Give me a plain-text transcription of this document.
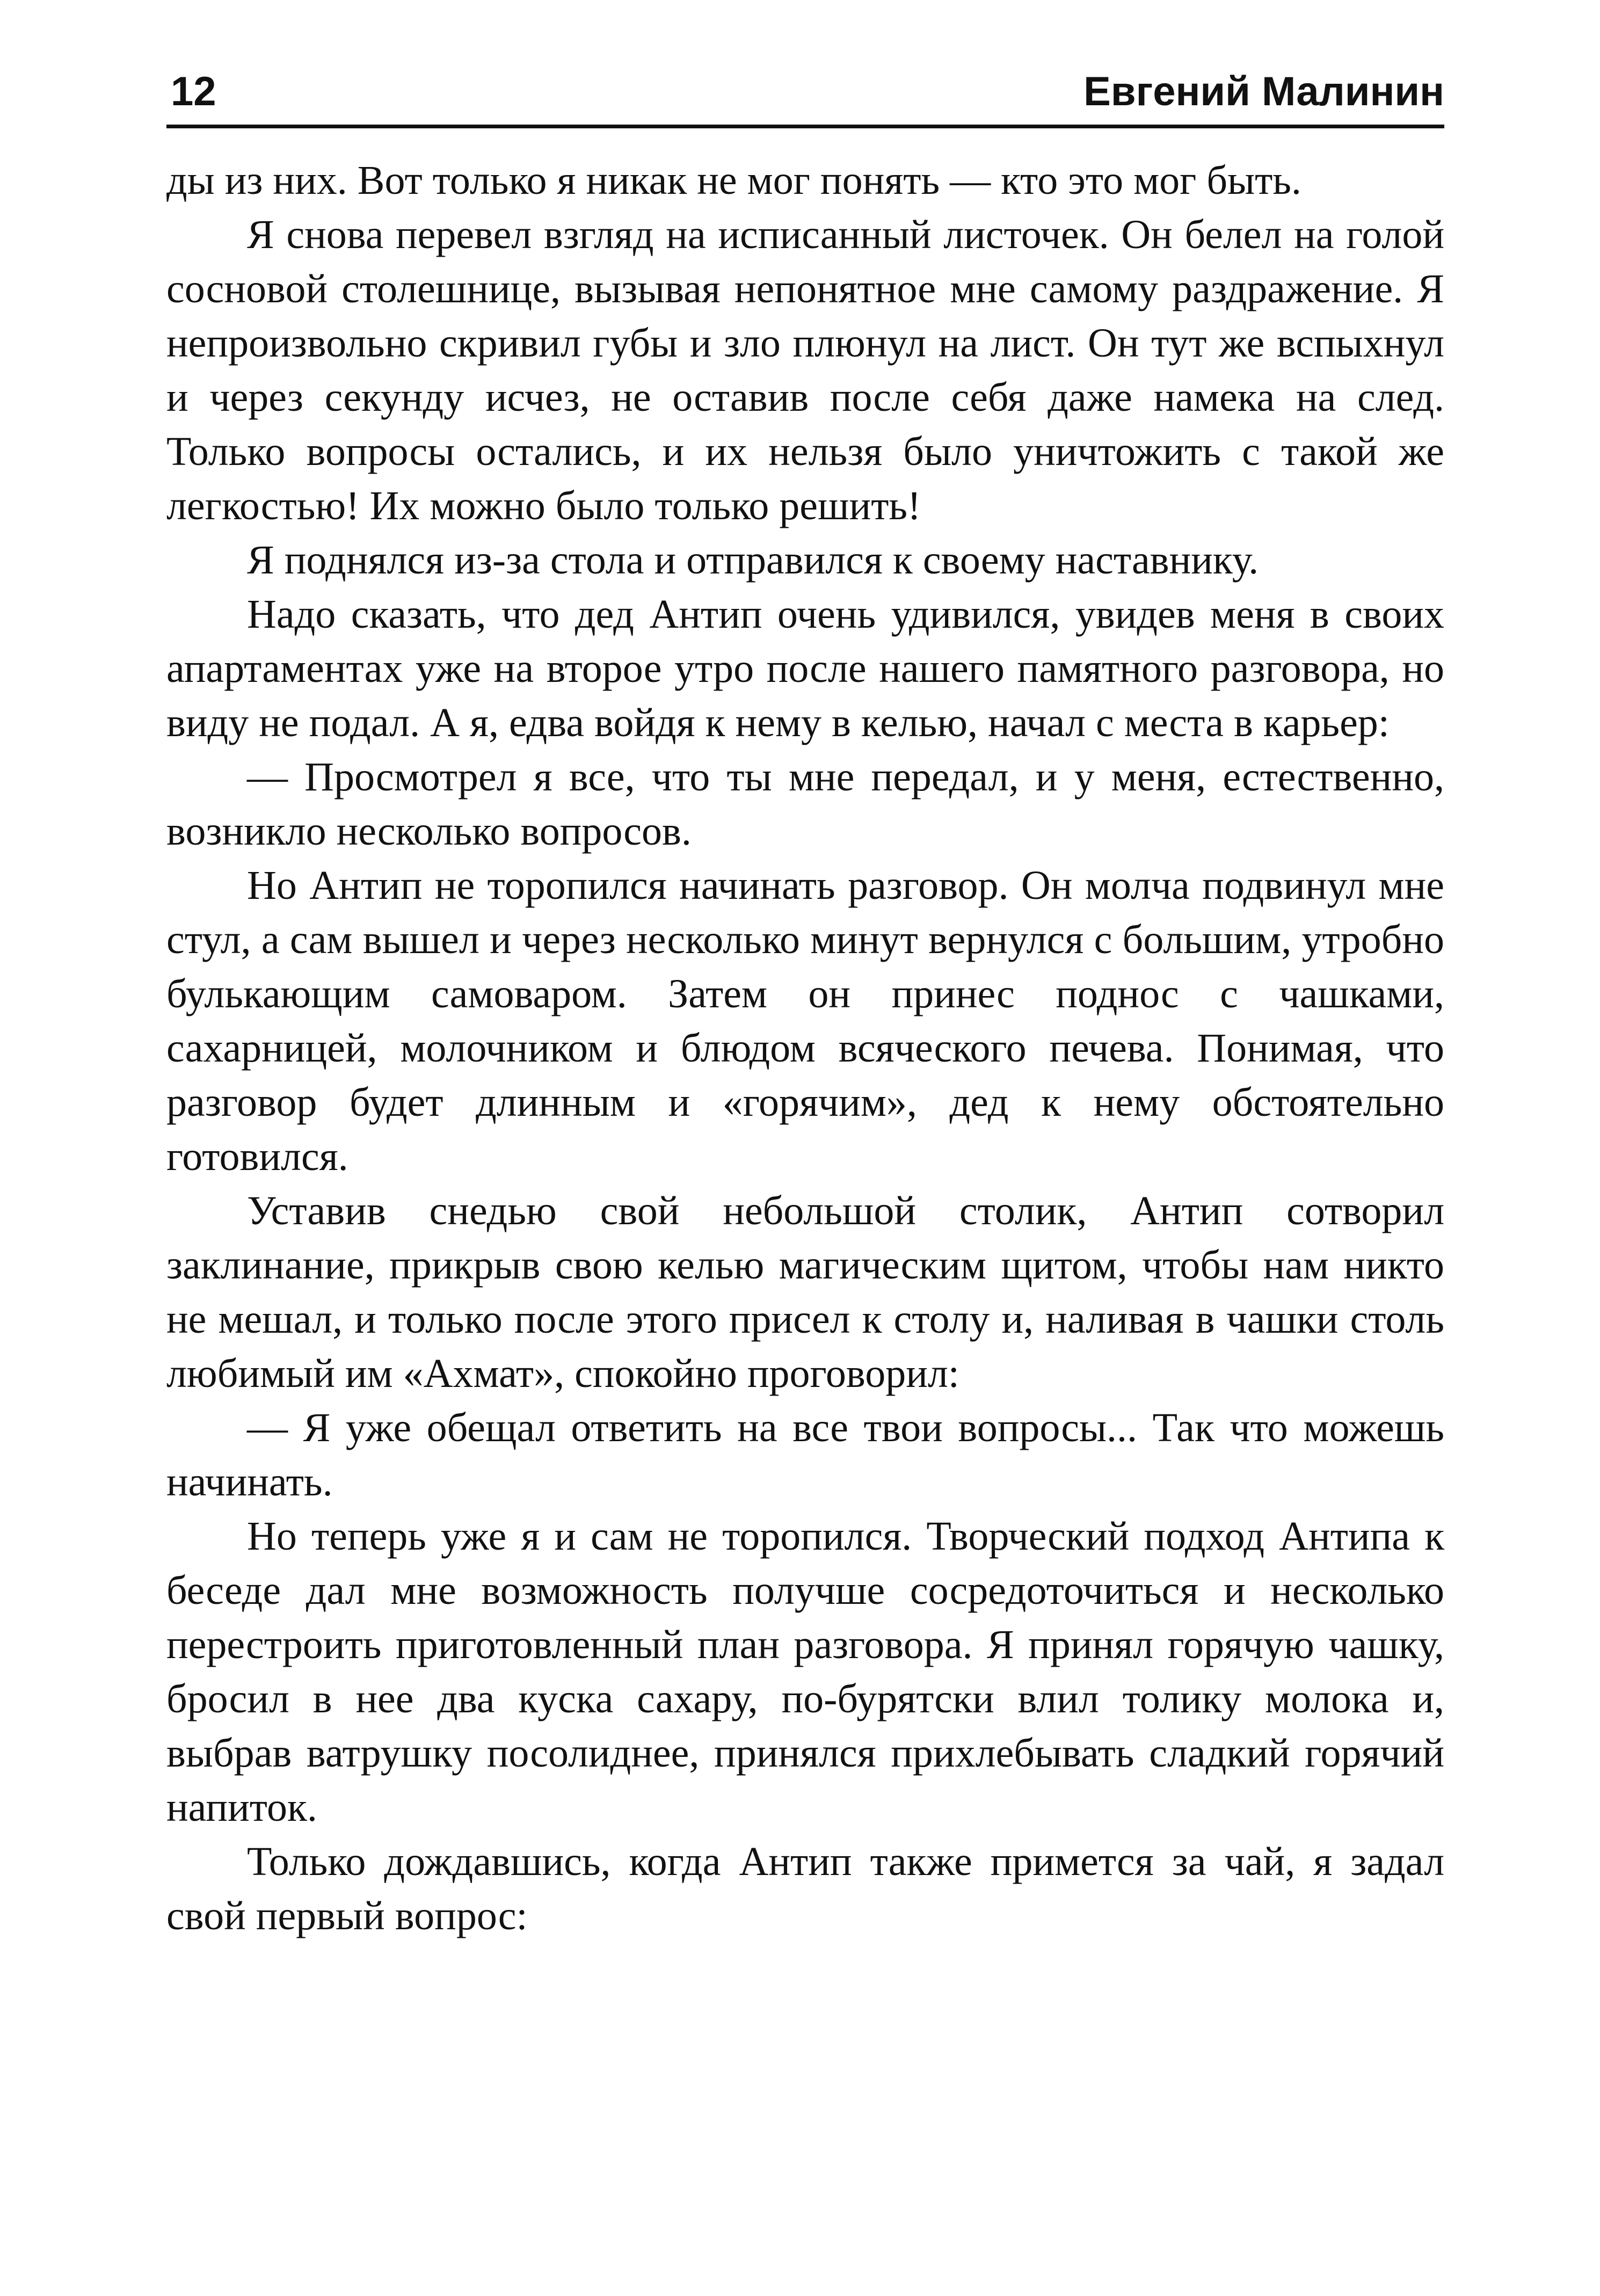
12	Евгений Малинин

ды из них. Вот только я никак не мог понять — кто это мог быть.

Я снова перевел взгляд на исписанный листочек. Он белел на голой сосновой столешнице, вызывая непонятное мне самому раздражение. Я непроизвольно скривил губы и зло плюнул на лист. Он тут же вспыхнул и через секунду исчез, не оставив после себя даже намека на след. Только вопросы остались, и их нельзя было уничтожить с такой же легкостью! Их можно было только решить!

Я поднялся из-за стола и отправился к своему наставнику.

Надо сказать, что дед Антип очень удивился, увидев меня в своих апартаментах уже на второе утро после нашего памятного разговора, но виду не подал. А я, едва войдя к нему в келью, начал с места в карьер:

— Просмотрел я все, что ты мне передал, и у меня, естественно, возникло несколько вопросов.

Но Антип не торопился начинать разговор. Он молча подвинул мне стул, а сам вышел и через несколько минут вернулся с большим, утробно булькающим самоваром. Затем он принес поднос с чашками, сахарницей, молочником и блюдом всяческого печева. Понимая, что разговор будет длинным и «горячим», дед к нему обстоятельно готовился.

Уставив снедью свой небольшой столик, Антип сотворил заклинание, прикрыв свою келью магическим щитом, чтобы нам никто не мешал, и только после этого присел к столу и, наливая в чашки столь любимый им «Ахмат», спокойно проговорил:

— Я уже обещал ответить на все твои вопросы... Так что можешь начинать.

Но теперь уже я и сам не торопился. Творческий подход Антипа к беседе дал мне возможность получше сосредоточиться и несколько перестроить приготовленный план разговора. Я принял горячую чашку, бросил в нее два куска сахару, по-бурятски влил толику молока и, выбрав ватрушку посолиднее, принялся прихлебывать сладкий горячий напиток.

Только дождавшись, когда Антип также примется за чай, я задал свой первый вопрос:
